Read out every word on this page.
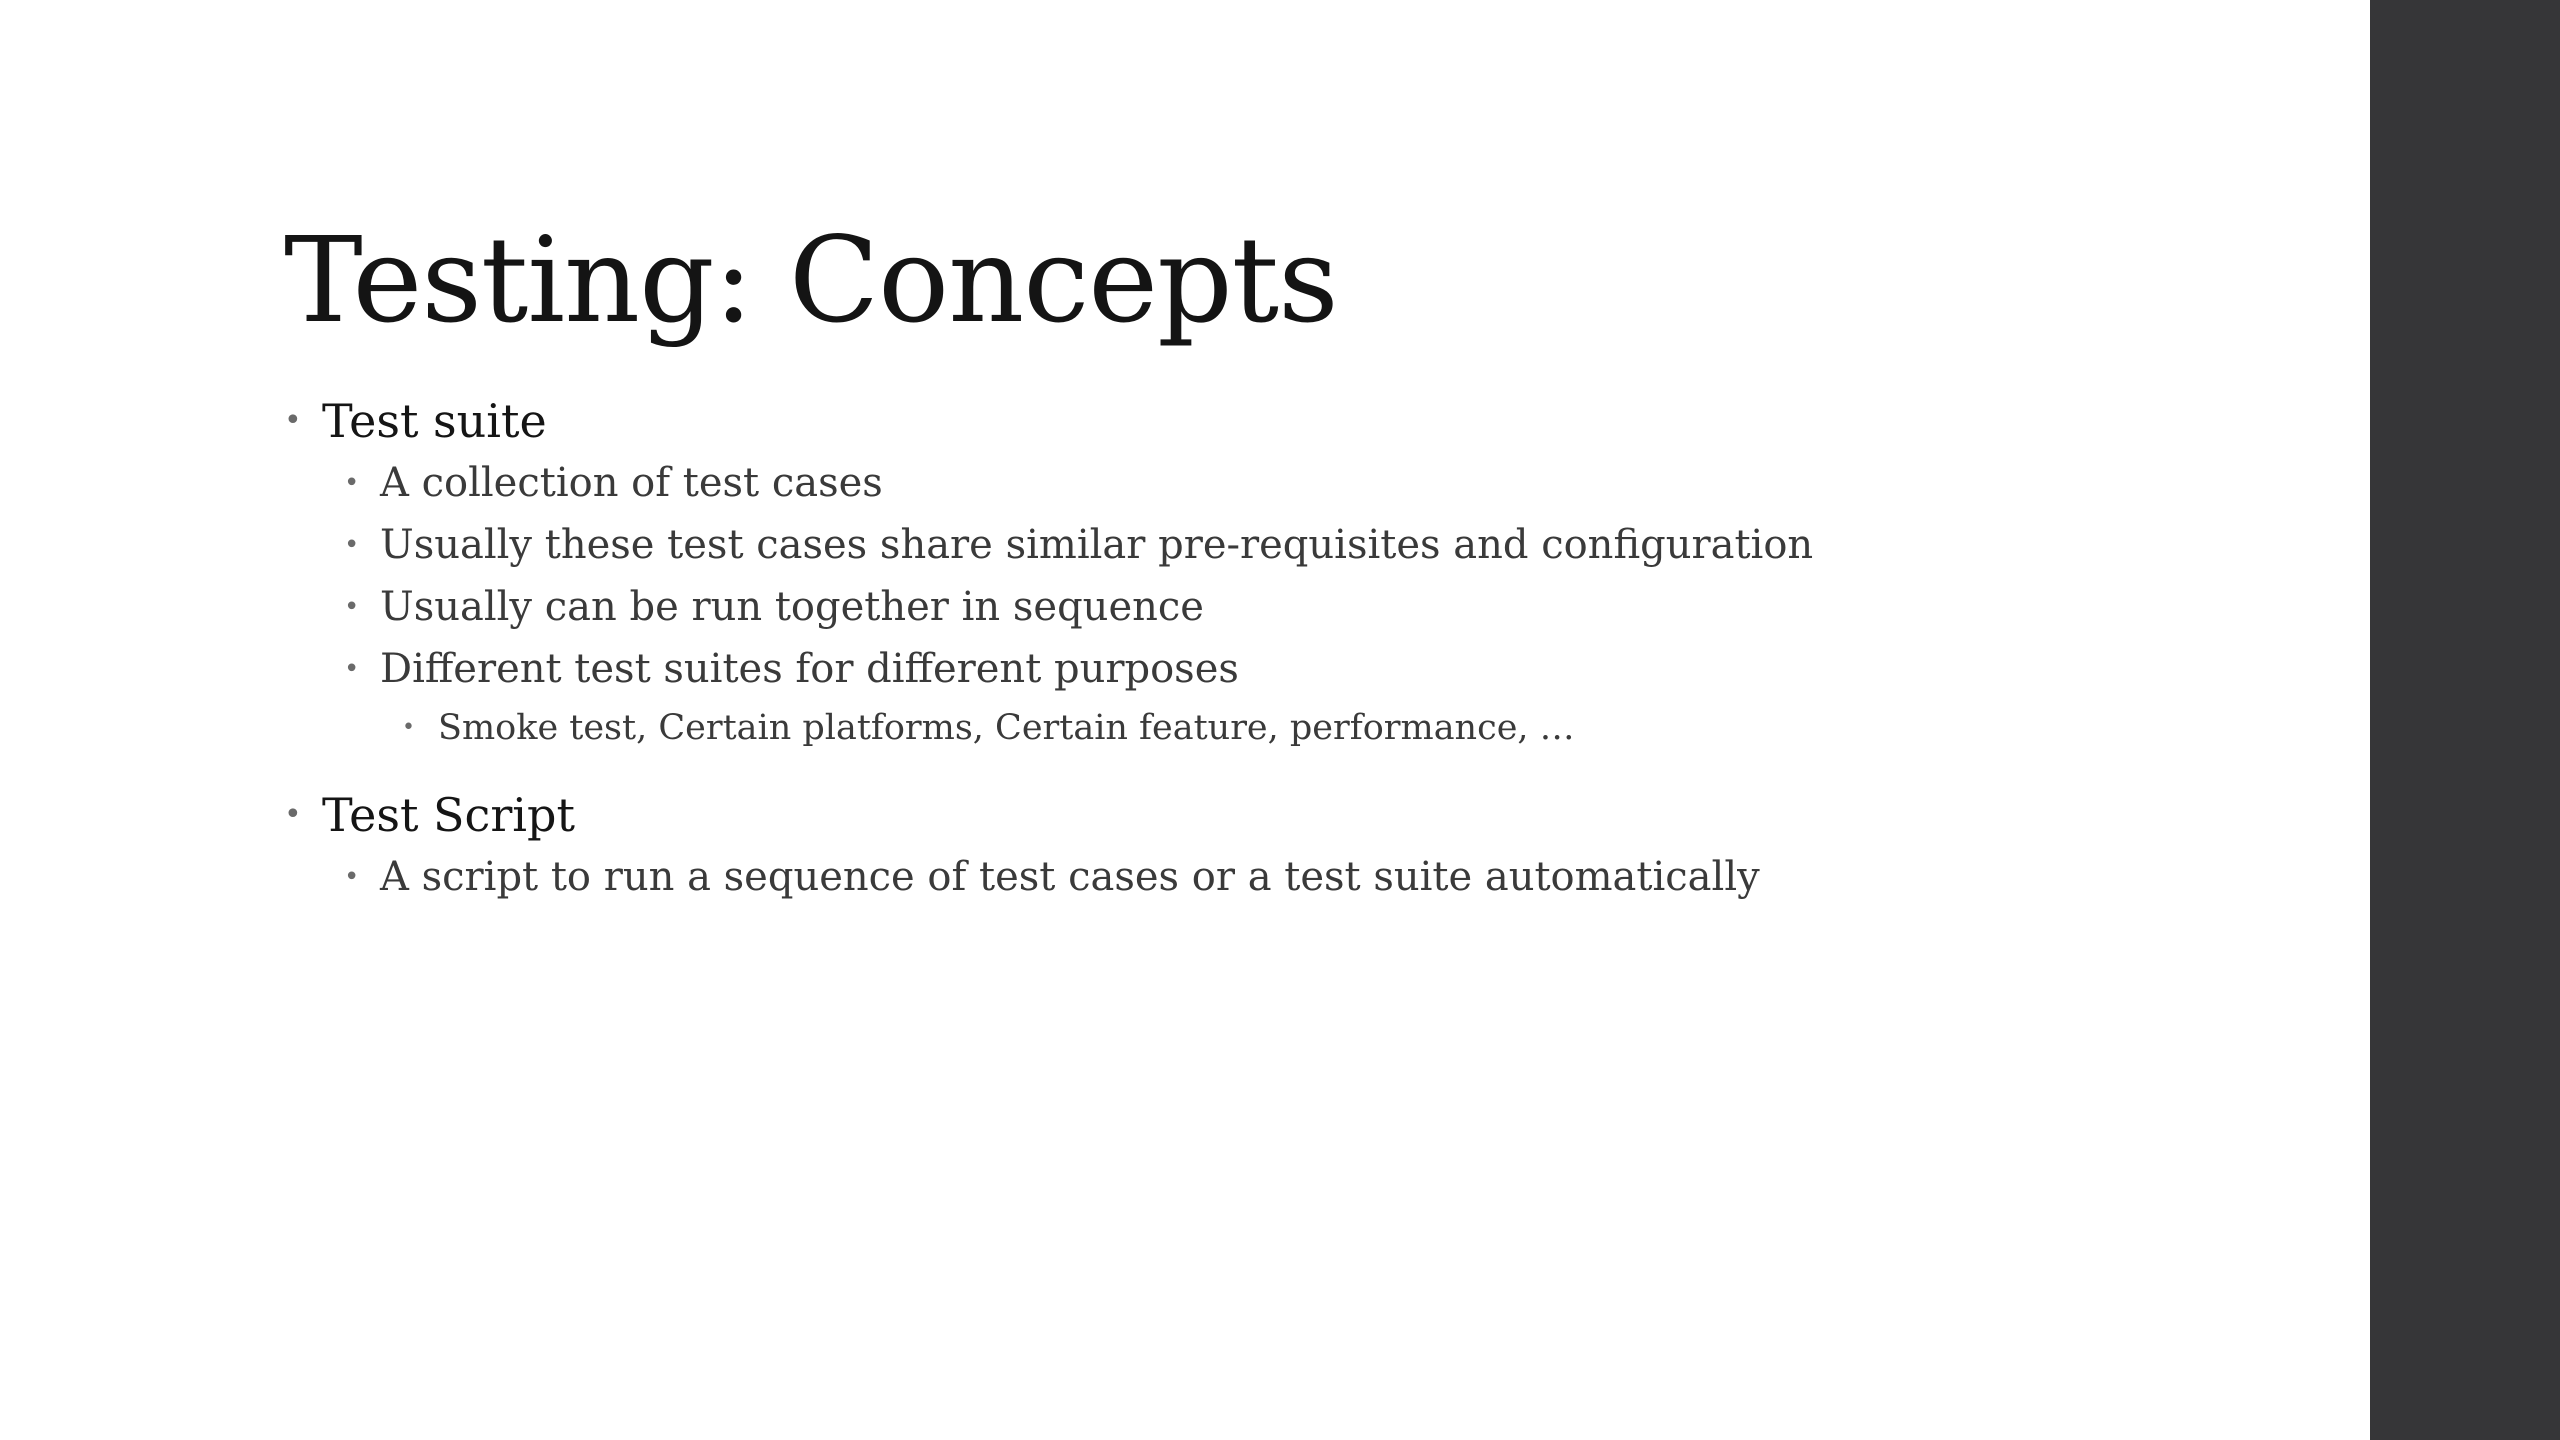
Testing: Concepts
• Test suite
• A collection of test cases
• Usually these test cases share similar pre-requisites and configuration
• Usually can be run together in sequence
• Different test suites for different purposes
• Smoke test, Certain platforms, Certain feature, performance, …
• Test Script
• A script to run a sequence of test cases or a test suite automatically
